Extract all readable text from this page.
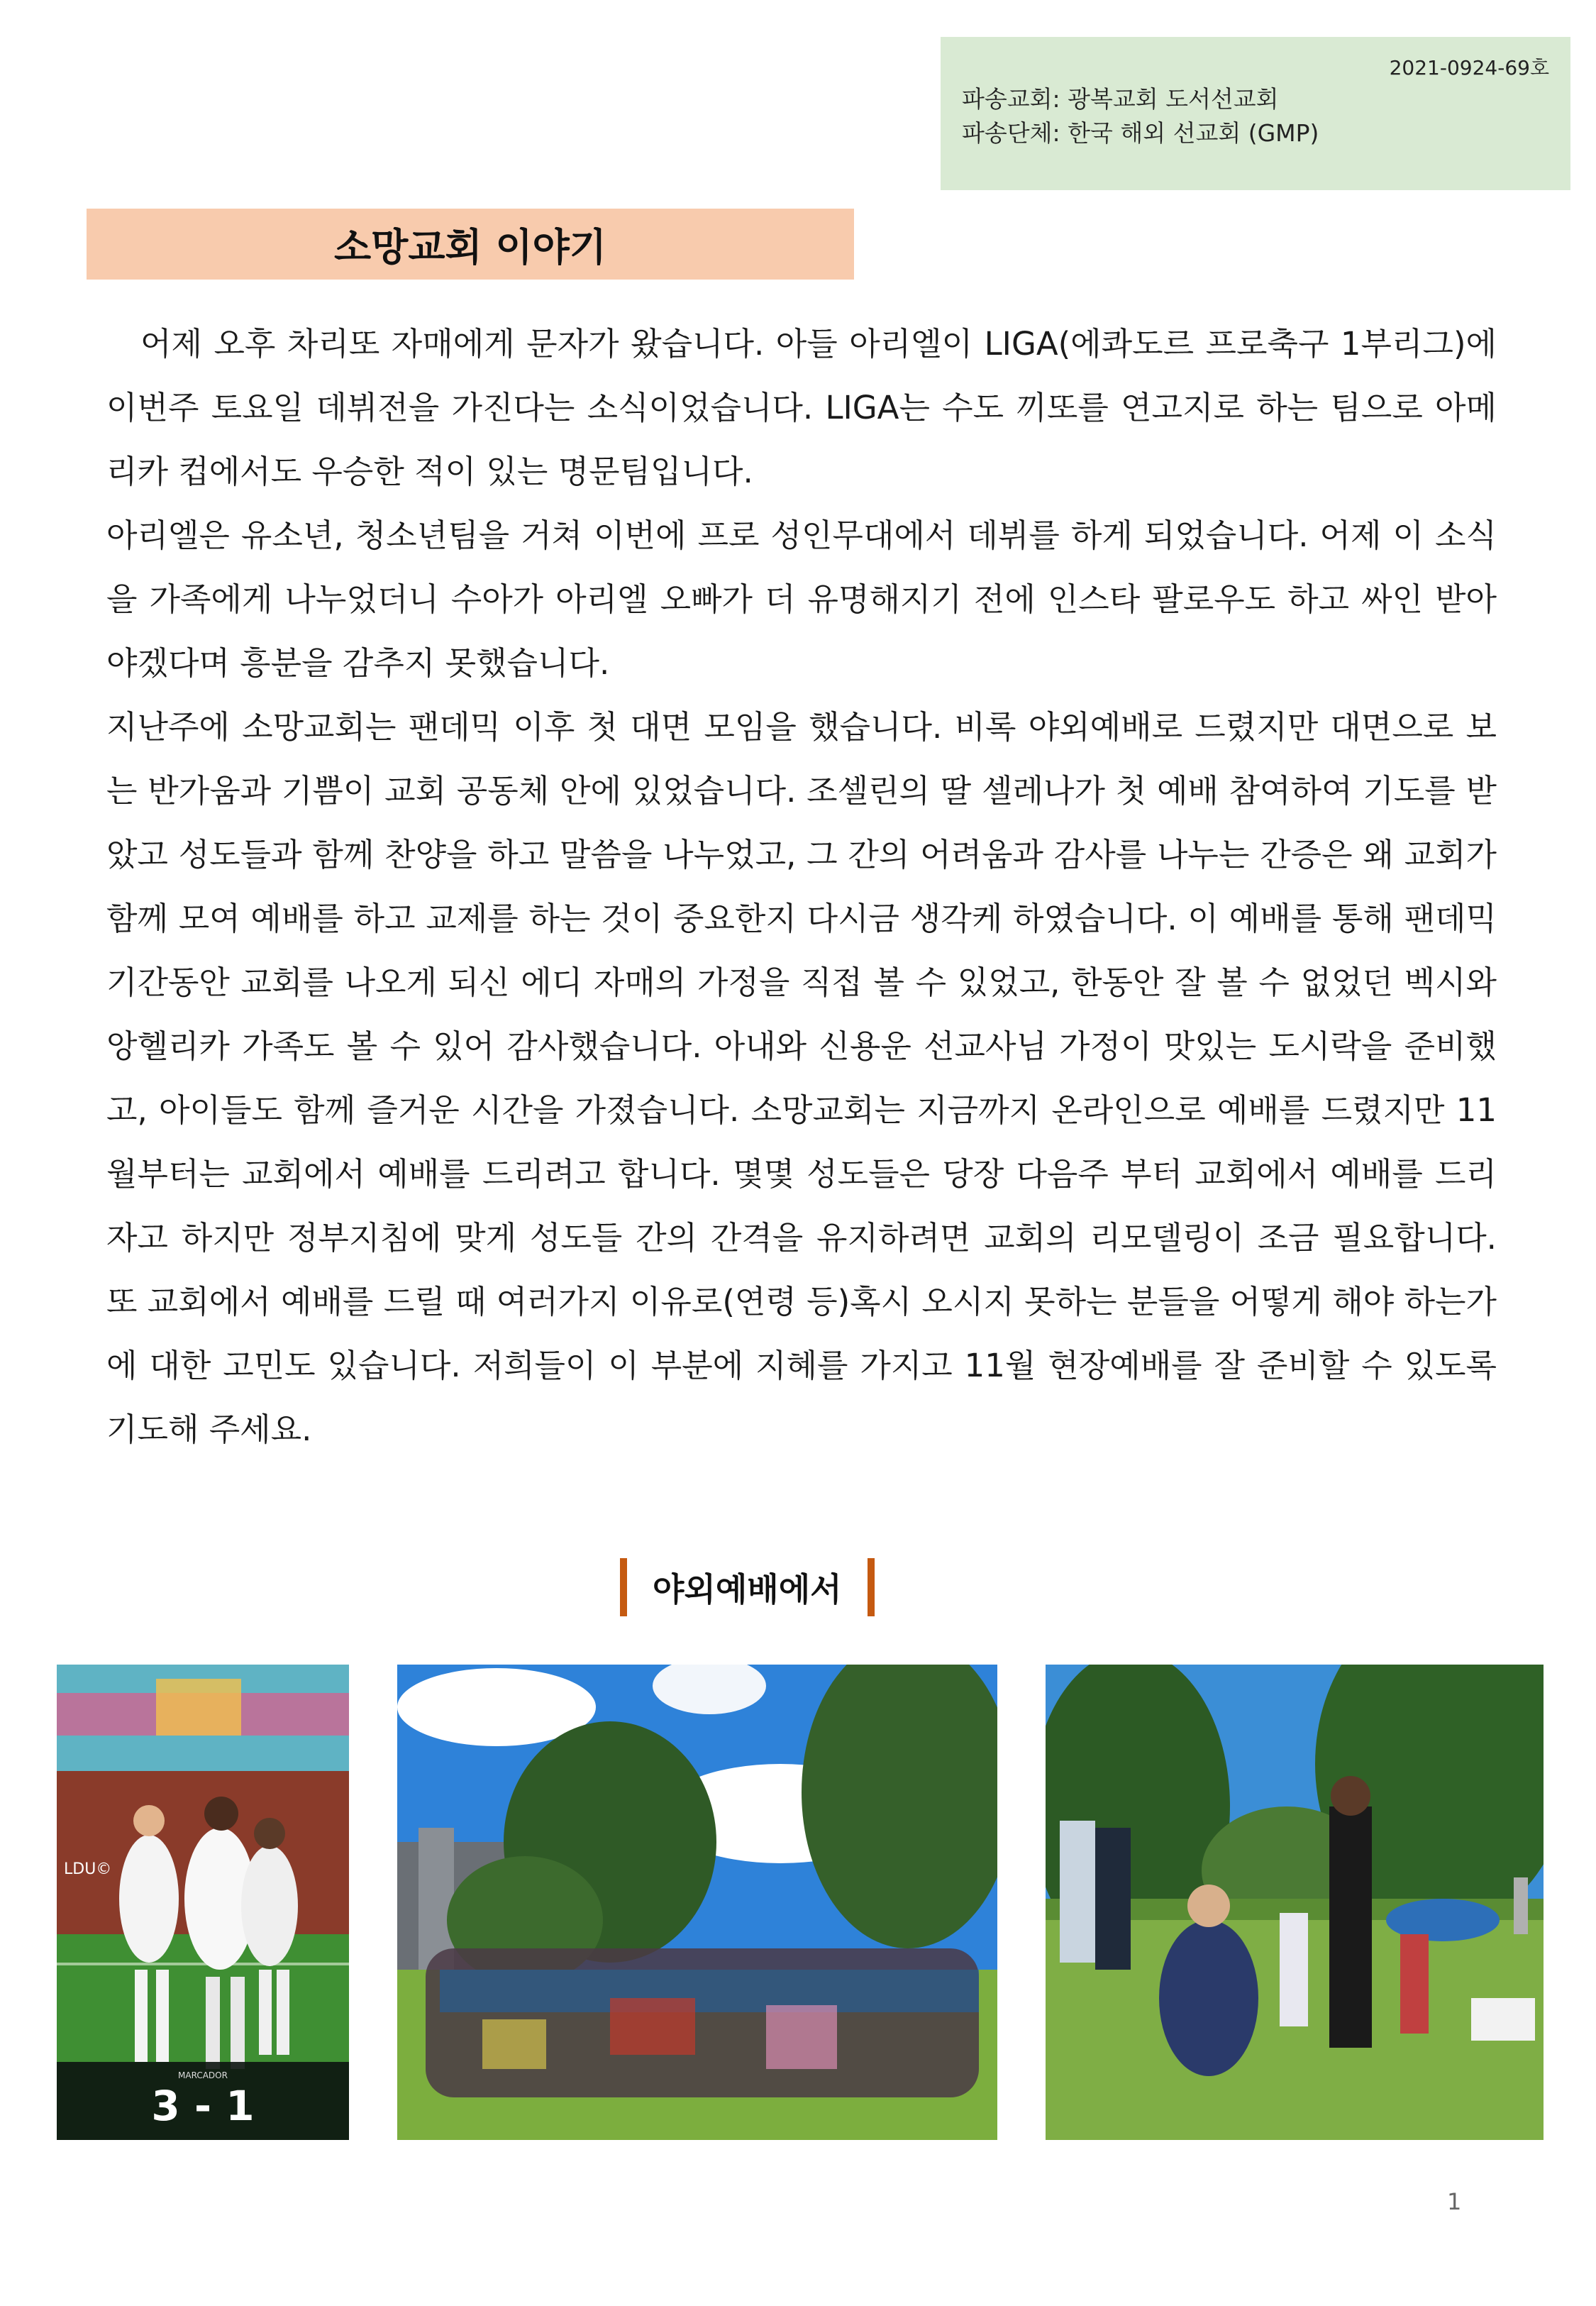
2021-0924-69호
파송교회: 광복교회 도서선교회
파송단체: 한국 해외 선교회 (GMP)
소망교회 이야기

어제 오후 차리또 자매에게 문자가 왔습니다. 아들 아리엘이 LIGA(에콰도르 프로축구 1부리그)에 이번주 토요일 데뷔전을 가진다는 소식이었습니다. LIGA는 수도 끼또를 연고지로 하는 팀으로 아메리카 컵에서도 우승한 적이 있는 명문팀입니다.

아리엘은 유소년, 청소년팀을 거쳐 이번에 프로 성인무대에서 데뷔를 하게 되었습니다. 어제 이 소식을 가족에게 나누었더니 수아가 아리엘 오빠가 더 유명해지기 전에 인스타 팔로우도 하고 싸인 받아야겠다며 흥분을 감추지 못했습니다.

지난주에 소망교회는 팬데믹 이후 첫 대면 모임을 했습니다. 비록 야외예배로 드렸지만 대면으로 보는 반가움과 기쁨이 교회 공동체 안에 있었습니다. 조셀린의 딸 셀레나가 첫 예배 참여하여 기도를 받았고 성도들과 함께 찬양을 하고 말씀을 나누었고, 그 간의 어려움과 감사를 나누는 간증은 왜 교회가 함께 모여 예배를 하고 교제를 하는 것이 중요한지 다시금 생각케 하였습니다. 이 예배를 통해 팬데믹 기간동안 교회를 나오게 되신 에디 자매의 가정을 직접 볼 수 있었고, 한동안 잘 볼 수 없었던 벡시와 앙헬리카 가족도 볼 수 있어 감사했습니다. 아내와 신용운 선교사님 가정이 맛있는 도시락을 준비했고, 아이들도 함께 즐거운 시간을 가졌습니다. 소망교회는 지금까지 온라인으로 예배를 드렸지만 11월부터는 교회에서 예배를 드리려고 합니다. 몇몇 성도들은 당장 다음주 부터 교회에서 예배를 드리자고 하지만 정부지침에 맞게 성도들 간의 간격을 유지하려면 교회의 리모델링이 조금 필요합니다. 또 교회에서 예배를 드릴 때 여러가지 이유로(연령 등)혹시 오시지 못하는 분들을 어떻게 해야 하는가에 대한 고민도 있습니다. 저희들이 이 부분에 지혜를 가지고 11월 현장예배를 잘 준비할 수 있도록 기도해 주세요.

야외예배에서
LDU©
MARCADOR
3 - 1
1
